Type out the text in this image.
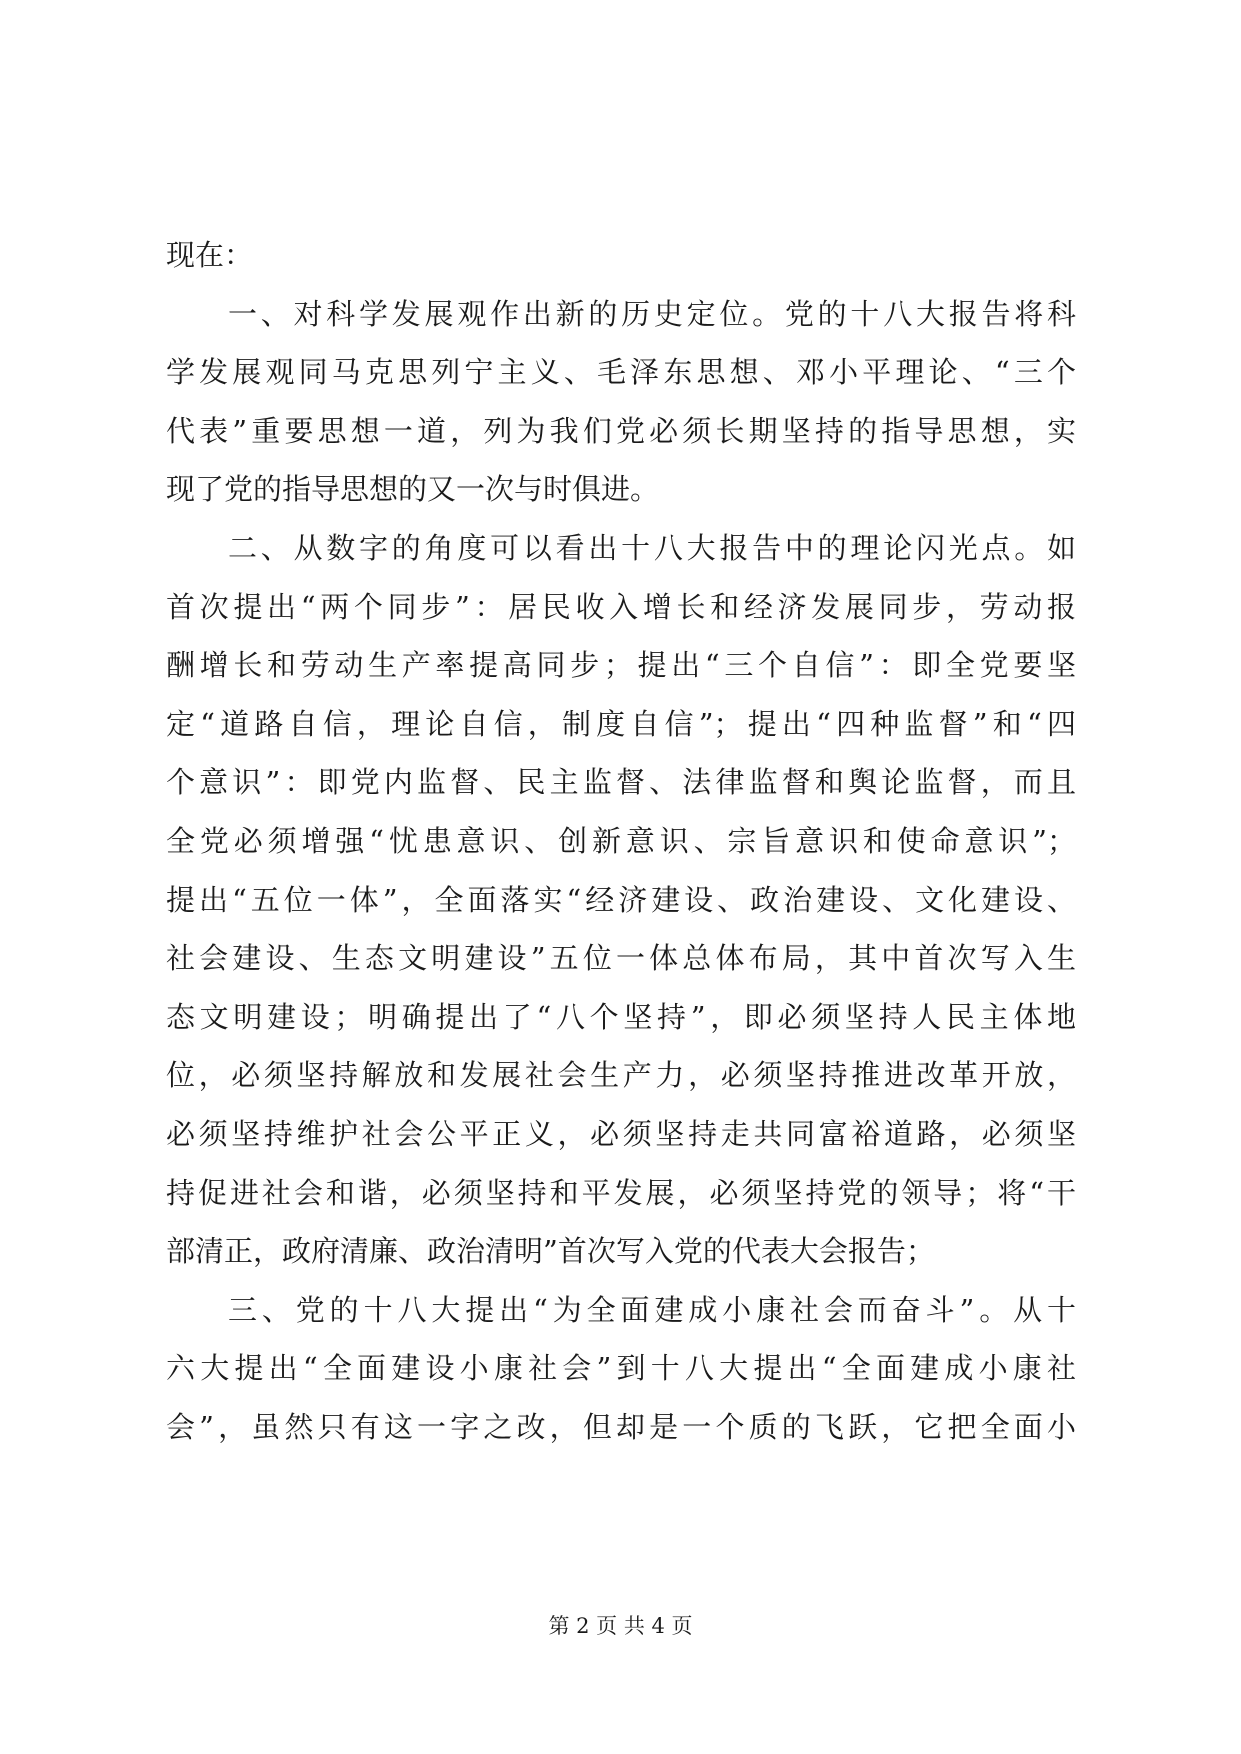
现在：
一、对科学发展观作出新的历史定位。党的十八大报告将科
学发展观同马克思列宁主义、毛泽东思想、邓小平理论、“三个
代表”重要思想一道，列为我们党必须长期坚持的指导思想，实
现了党的指导思想的又一次与时俱进。
二、从数字的角度可以看出十八大报告中的理论闪光点。如
首次提出“两个同步”：居民收入增长和经济发展同步，劳动报
酬增长和劳动生产率提高同步；提出“三个自信”：即全党要坚
定“道路自信，理论自信，制度自信”；提出“四种监督”和“四
个意识”：即党内监督、民主监督、法律监督和舆论监督，而且
全党必须增强“忧患意识、创新意识、宗旨意识和使命意识”；
提出“五位一体”，全面落实“经济建设、政治建设、文化建设、
社会建设、生态文明建设”五位一体总体布局，其中首次写入生
态文明建设；明确提出了“八个坚持”，即必须坚持人民主体地
位，必须坚持解放和发展社会生产力，必须坚持推进改革开放，
必须坚持维护社会公平正义，必须坚持走共同富裕道路，必须坚
持促进社会和谐，必须坚持和平发展，必须坚持党的领导；将“干
部清正，政府清廉、政治清明”首次写入党的代表大会报告；
三、党的十八大提出“为全面建成小康社会而奋斗”。从十
六大提出“全面建设小康社会”到十八大提出“全面建成小康社
会”，虽然只有这一字之改，但却是一个质的飞跃，它把全面小
第 2 页 共 4 页
